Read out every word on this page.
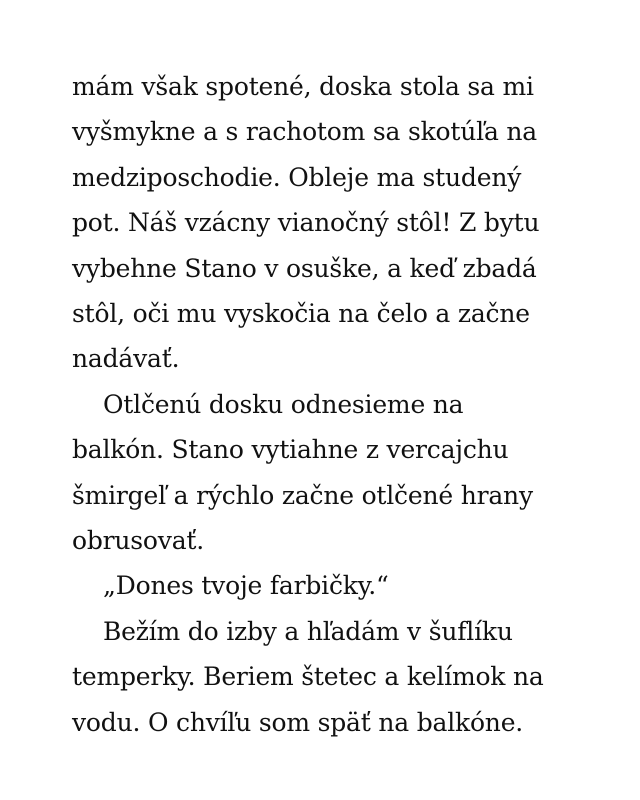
mám však spotené, doska stola sa mi
vyšmykne a s rachotom sa skotúľa na
medziposchodie. Obleje ma studený
pot. Náš vzácny vianočný stôl! Z bytu
vybehne Stano v osuške, a keď zbadá
stôl, oči mu vyskočia na čelo a začne
nadávať.
Otlčenú dosku odnesieme na
balkón. Stano vytiahne z vercajchu
šmirgeľ a rýchlo začne otlčené hrany
obrusovať.
„Dones tvoje farbičky.“
Bežím do izby a hľadám v šuflíku
temperky. Beriem štetec a kelímok na
vodu. O chvíľu som späť na balkóne.
